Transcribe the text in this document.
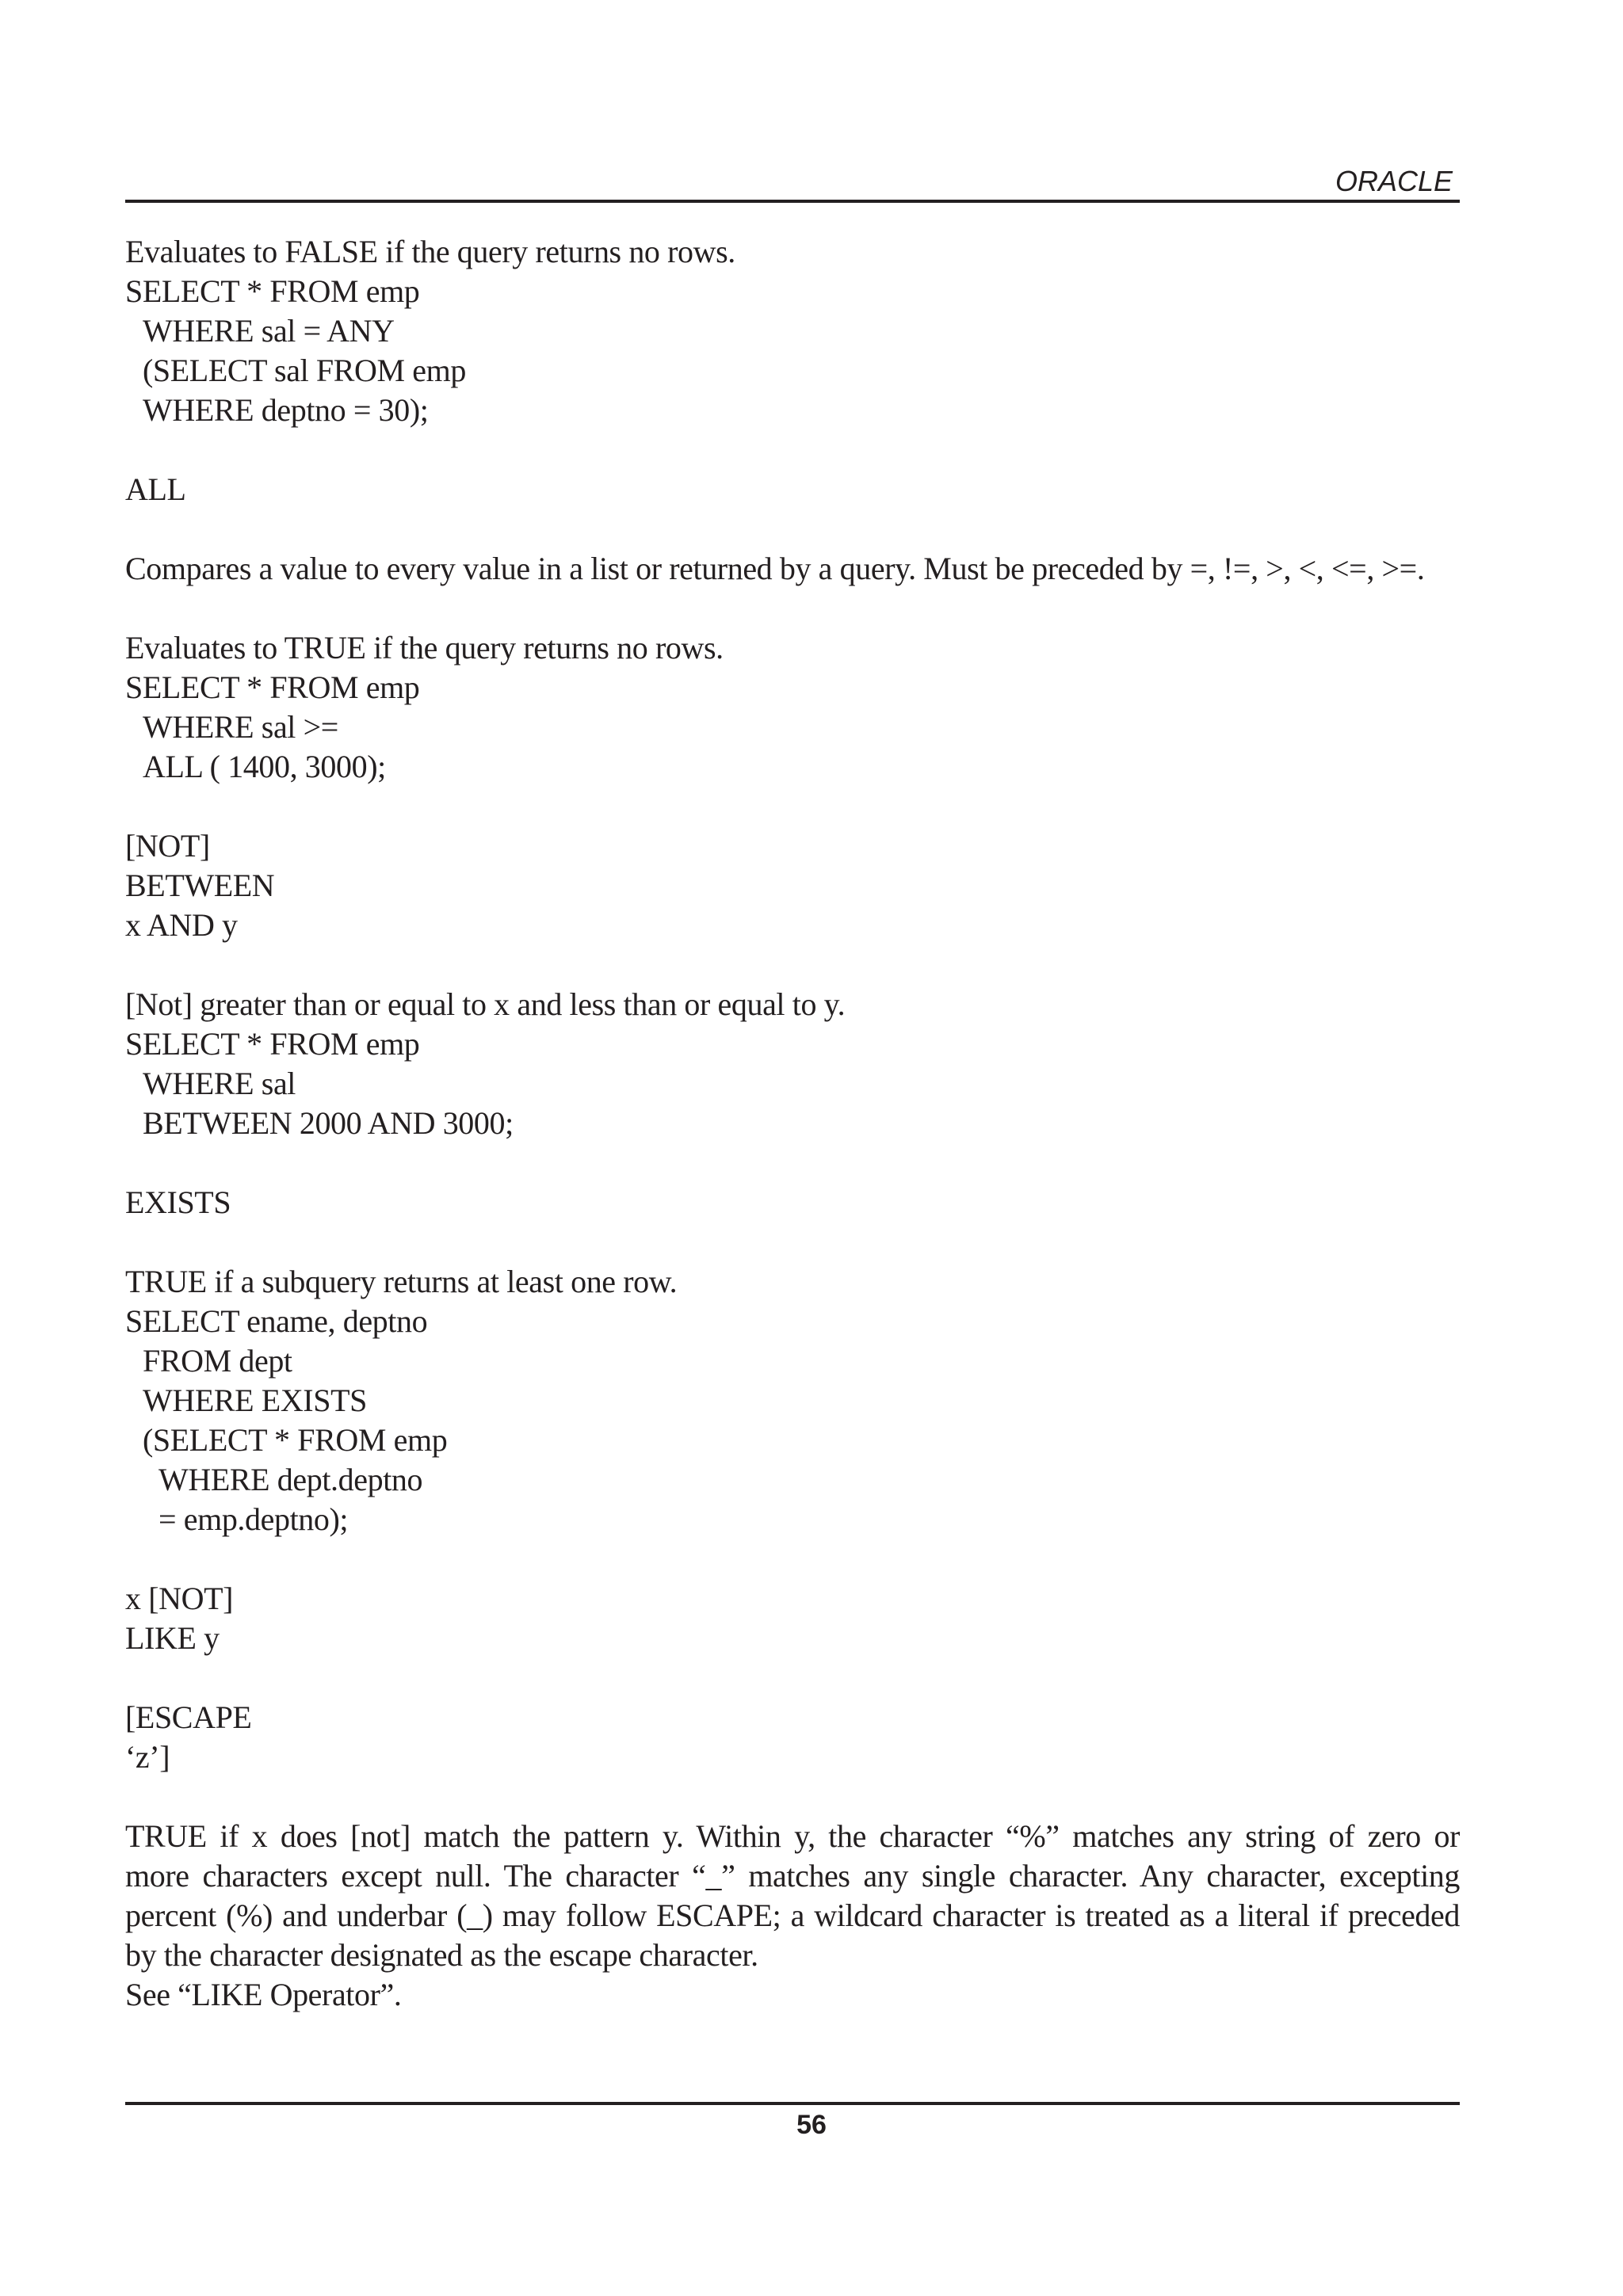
ORACLE
Evaluates to FALSE if the query returns no rows.
SELECT * FROM emp
WHERE sal = ANY
(SELECT sal FROM emp
WHERE deptno = 30);
ALL
Compares a value to every value in a list or returned by a query. Must be preceded by =, !=, >, <, <=, >=.
Evaluates to TRUE if the query returns no rows.
SELECT * FROM emp
WHERE sal >=
ALL ( 1400, 3000);
[NOT]
BETWEEN
x AND y
[Not] greater than or equal to x and less than or equal to y.
SELECT * FROM emp
WHERE sal
BETWEEN 2000 AND 3000;
EXISTS
TRUE if a subquery returns at least one row.
SELECT ename, deptno
FROM dept
WHERE EXISTS
(SELECT * FROM emp
WHERE dept.deptno
= emp.deptno);
x [NOT]
LIKE y
[ESCAPE
‘z’]
TRUE if x does [not] match the pattern y. Within y, the character “%” matches any string of zero or
more characters except null. The character “_” matches any single character. Any character, excepting
percent (%) and underbar (_) may follow ESCAPE; a wildcard character is treated as a literal if preceded
by the character designated as the escape character.
See “LIKE Operator”.
56
